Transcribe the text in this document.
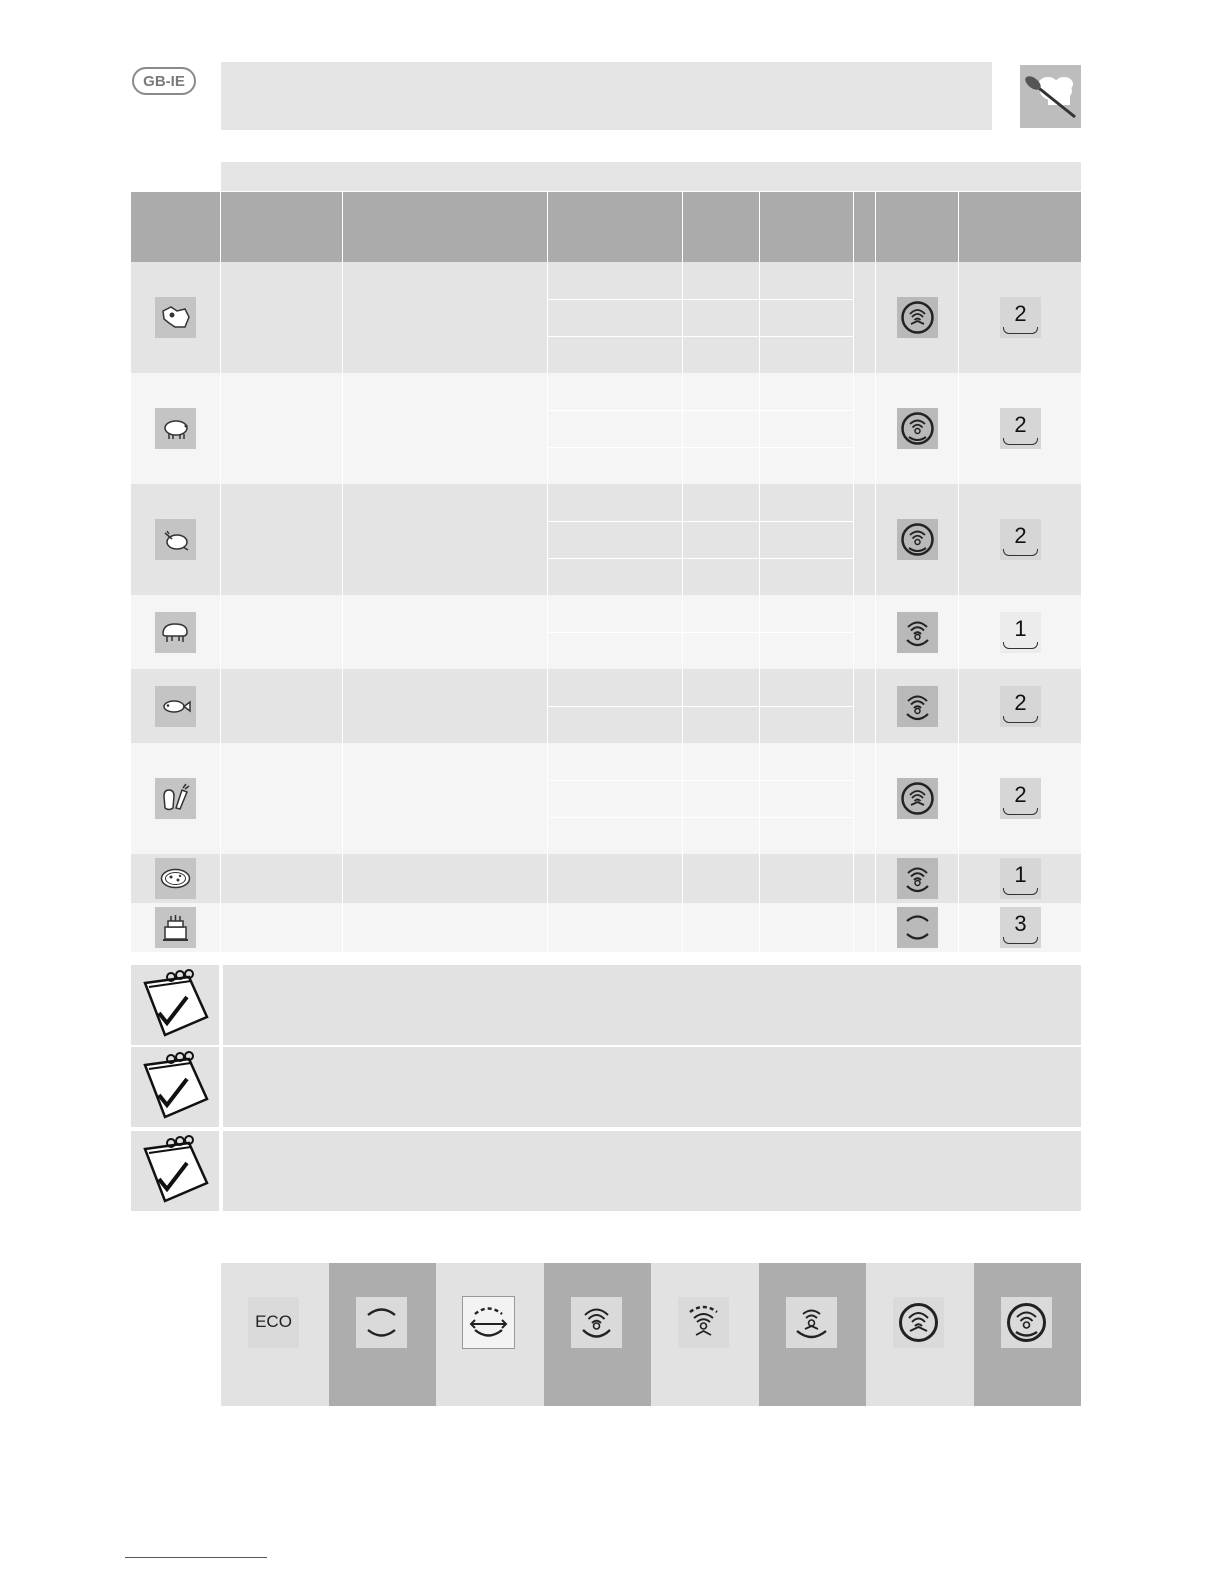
GB-IE
2
2
2
1
2
2
1
3
ECO
